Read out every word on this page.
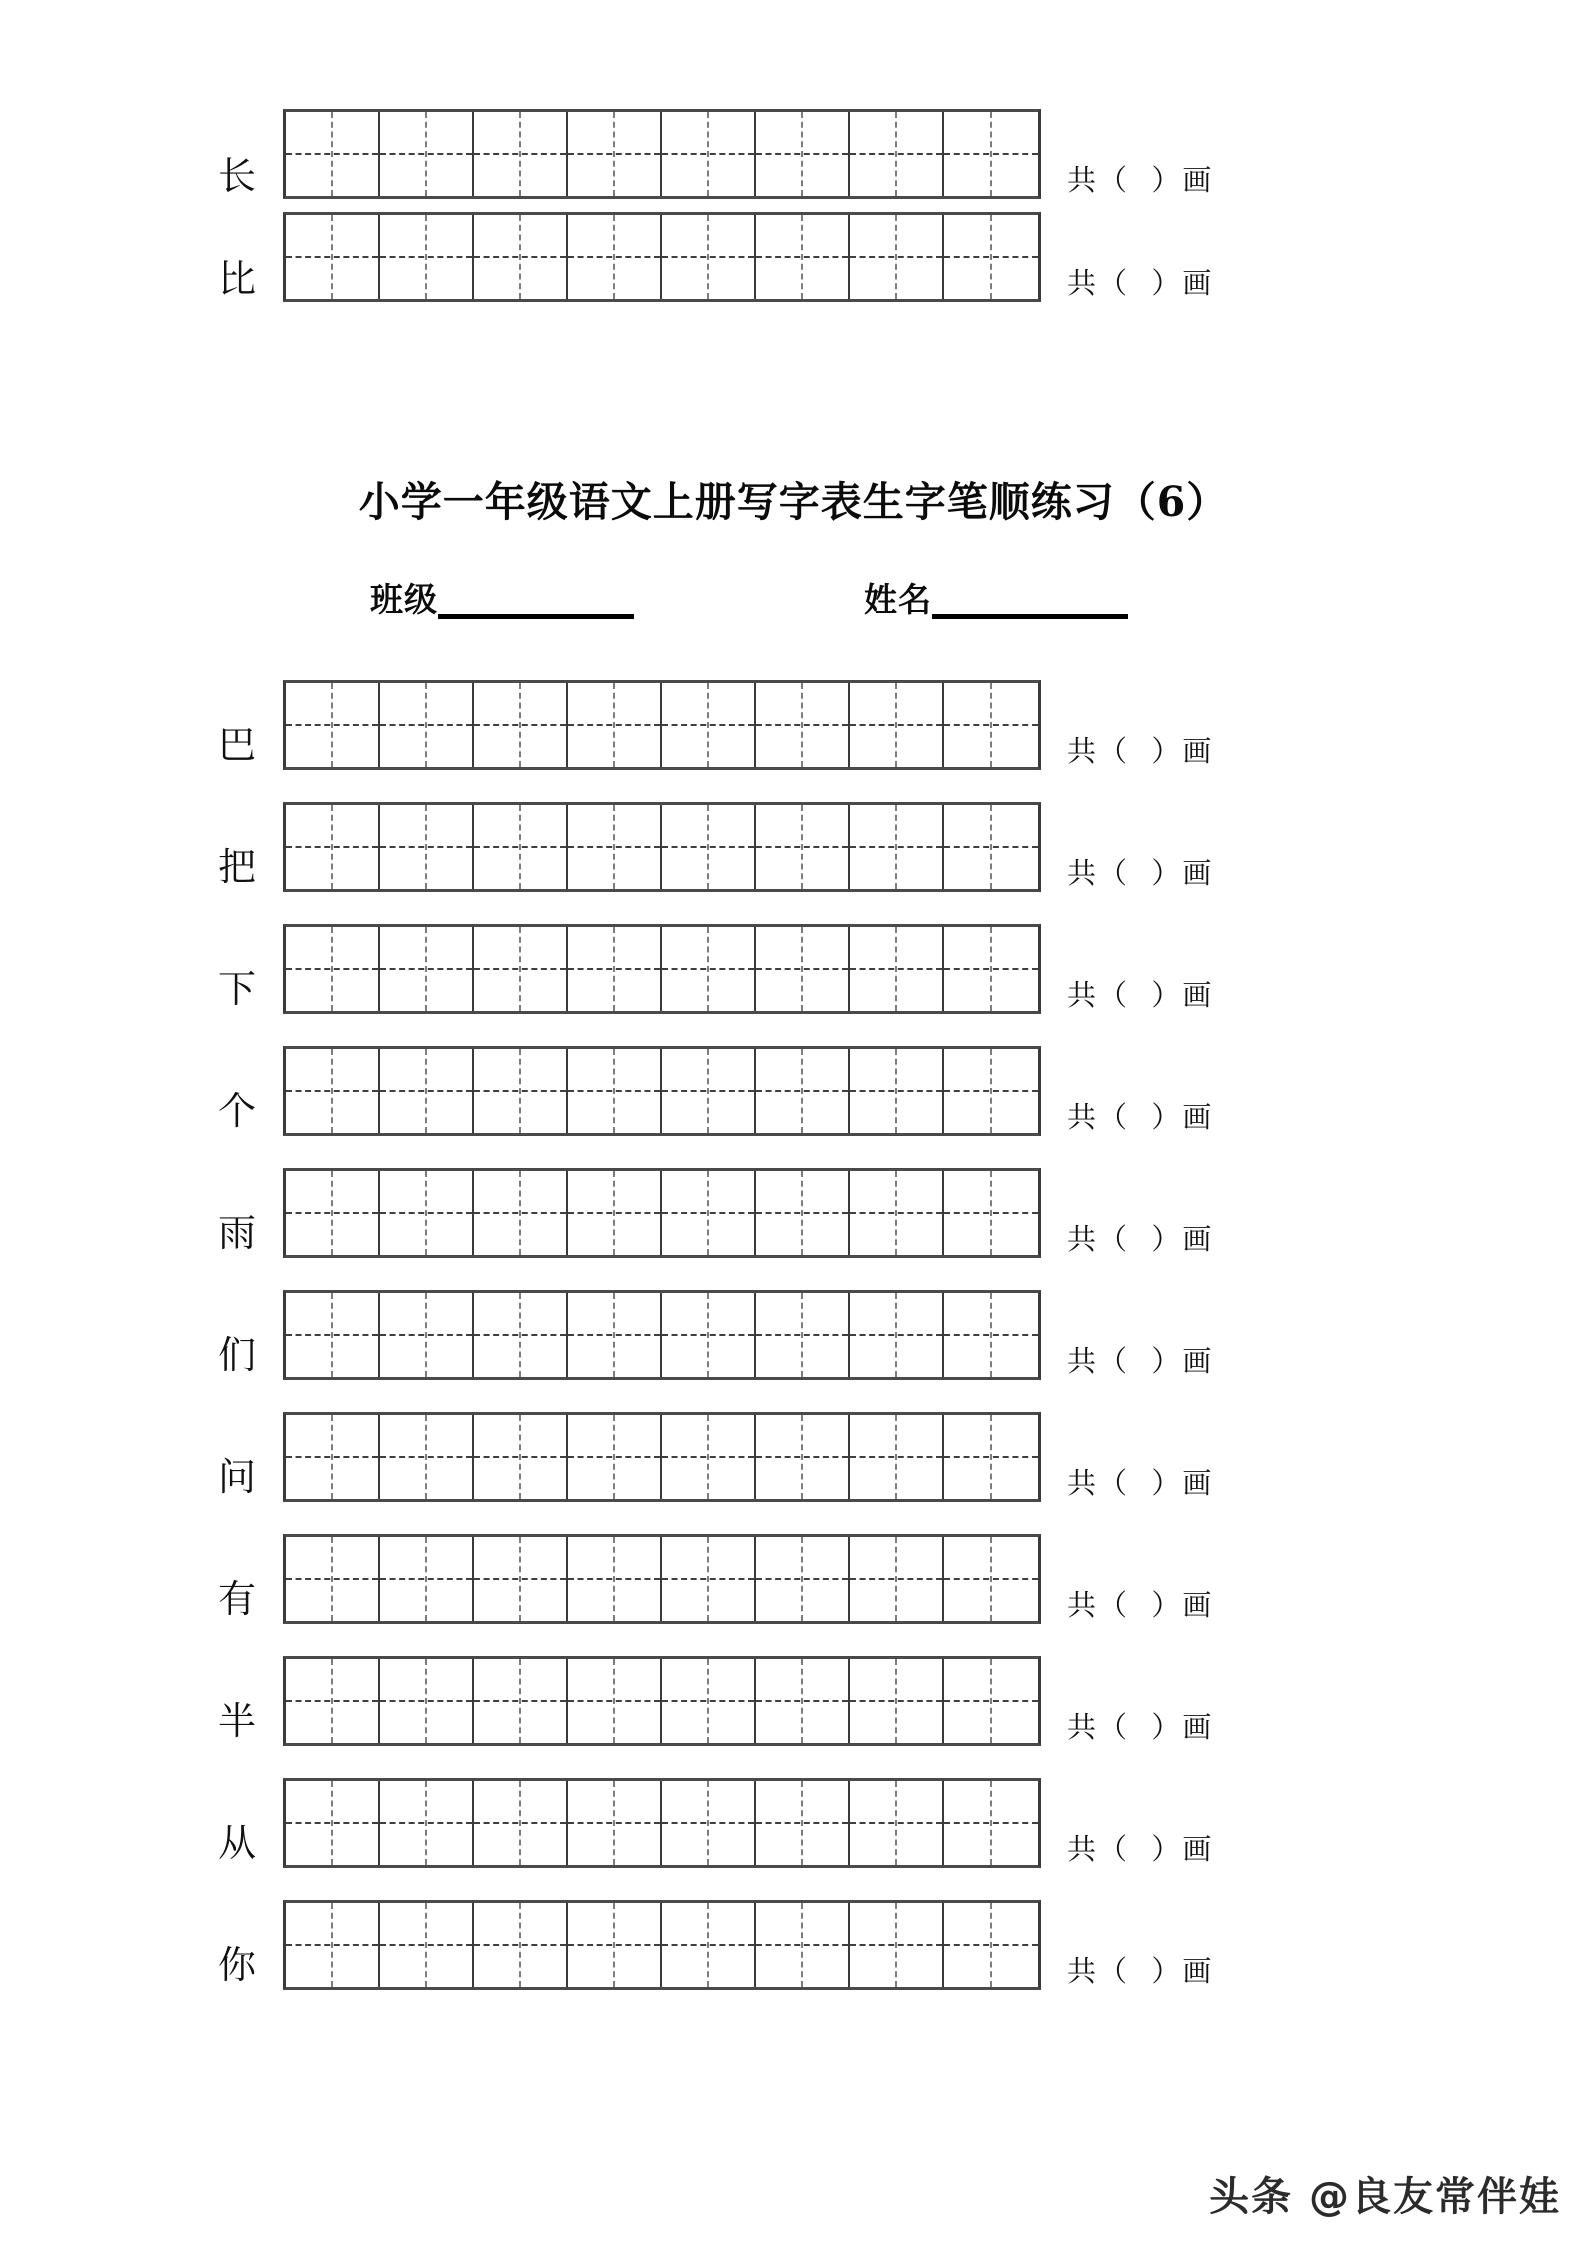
长	共（  ）画
比	共（  ）画
小学一年级语文上册写字表生字笔顺练习（6）
班级	姓名
巴	共（  ）画
把	共（  ）画
下	共（  ）画
个	共（  ）画
雨	共（  ）画
们	共（  ）画
问	共（  ）画
有	共（  ）画
半	共（  ）画
从	共（  ）画
你	共（  ）画
头条 @良友常伴娃
